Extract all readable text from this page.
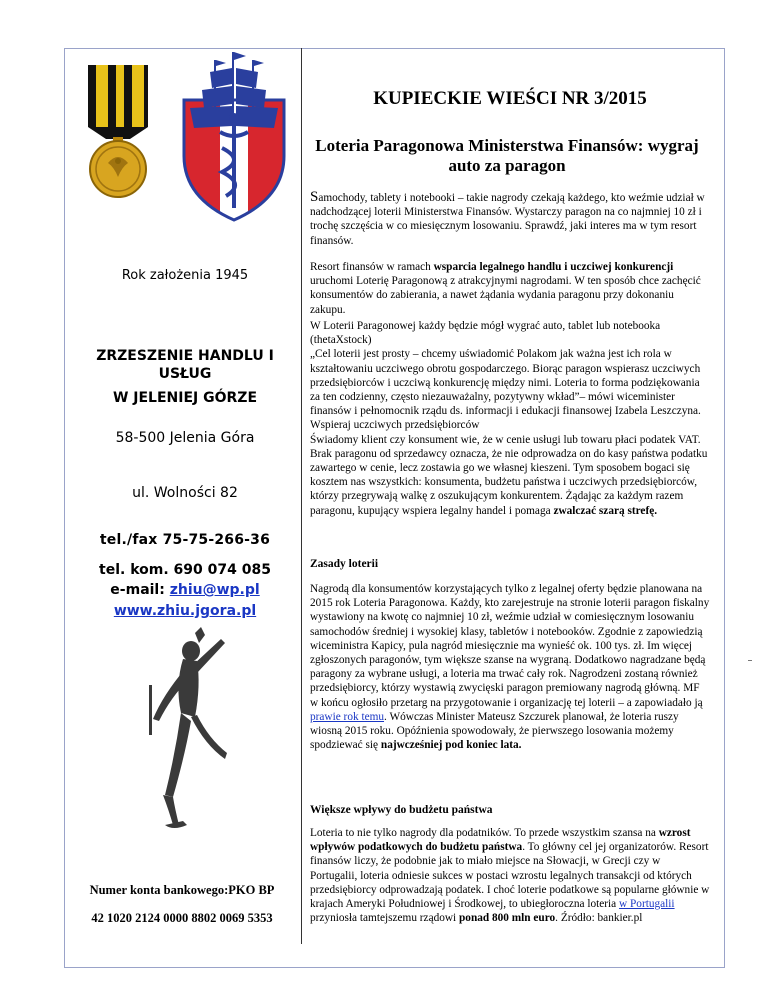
Rok założenia 1945
ZRZESZENIE HANDLU I USŁUG
W JELENIEJ GÓRZE
58-500 Jelenia Góra
ul. Wolności 82
tel./fax 75-75-266-36
tel. kom. 690 074 085
e-mail: zhiu@wp.pl
www.zhiu.jgora.pl
Numer konta bankowego:PKO BP
42 1020 2124 0000 8802 0069 5353
KUPIECKIE WIEŚCI NR 3/2015
Loteria Paragonowa Ministerstwa Finansów: wygraj auto za paragon
Samochody, tablety i notebooki – takie nagrody czekają każdego, kto weźmie udział w nadchodzącej loterii Ministerstwa Finansów. Wystarczy paragon na co najmniej 10 zł i trochę szczęścia w co miesięcznym losowaniu. Sprawdź, jaki interes ma w tym resort finansów.
Resort finansów w ramach wsparcia legalnego handlu i uczciwej konkurencji uruchomi Loterię Paragonową z atrakcyjnymi nagrodami. W ten sposób chce zachęcić konsumentów do zabierania, a nawet żądania wydania paragonu przy dokonaniu zakupu.
W Loterii Paragonowej każdy będzie mógł wygrać auto, tablet lub notebooka (thetaXstock)
„Cel loterii jest prosty – chcemy uświadomić Polakom jak ważna jest ich rola w kształtowaniu uczciwego obrotu gospodarczego. Biorąc paragon wspierasz uczciwych przedsiębiorców i uczciwą konkurencję między nimi. Loteria to forma podziękowania za ten codzienny, często niezauważalny, pozytywny wkład”– mówi wiceminister finansów i pełnomocnik rządu ds. informacji i edukacji finansowej Izabela Leszczyna. Wspieraj uczciwych przedsiębiorców
Świadomy klient czy konsument wie, że w cenie usługi lub towaru płaci podatek VAT. Brak paragonu od sprzedawcy oznacza, że nie odprowadza on do kasy państwa podatku zawartego w cenie, lecz zostawia go we własnej kieszeni. Tym sposobem bogaci się kosztem nas wszystkich: konsumenta, budżetu państwa i uczciwych przedsiębiorców, którzy przegrywają walkę z oszukującym konkurentem. Żądając za każdym razem paragonu, kupujący wspiera legalny handel i pomaga zwalczać szarą strefę.
Zasady loterii
Nagrodą dla konsumentów korzystających tylko z legalnej oferty będzie planowana na 2015 rok Loteria Paragonowa. Każdy, kto zarejestruje na stronie loterii paragon fiskalny wystawiony na kwotę co najmniej 10 zł, weźmie udział w comiesięcznym losowaniu samochodów średniej i wysokiej klasy, tabletów i notebooków. Zgodnie z zapowiedzią wiceministra Kapicy, pula nagród miesięcznie ma wynieść ok. 100 tys. zł. Im więcej zgłoszonych paragonów, tym większe szanse na wygraną. Dodatkowo nagradzane będą paragony za wybrane usługi, a loteria ma trwać cały rok. Nagrodzeni zostaną również przedsiębiorcy, którzy wystawią zwycięski paragon premiowany nagrodą główną. MF w końcu ogłosiło przetarg na przygotowanie i organizację tej loterii – a zapowiadało ją prawie rok temu. Wówczas Minister Mateusz Szczurek planował, że loteria ruszy wiosną 2015 roku. Opóźnienia spowodowały, że pierwszego losowania możemy spodziewać się najwcześniej pod koniec lata.
Większe wpływy do budżetu państwa
Loteria to nie tylko nagrody dla podatników. To przede wszystkim szansa na wzrost wpływów podatkowych do budżetu państwa. To główny cel jej organizatorów. Resort finansów liczy, że podobnie jak to miało miejsce na Słowacji, w Grecji czy w Portugalii, loteria odniesie sukces w postaci wzrostu legalnych transakcji od których przedsiębiorcy odprowadzają podatek. I choć loterie podatkowe są popularne głównie w krajach Ameryki Południowej i Środkowej, to ubiegłoroczna loteria w Portugalii przyniosła tamtejszemu rządowi ponad 800 mln euro. Źródło: bankier.pl
